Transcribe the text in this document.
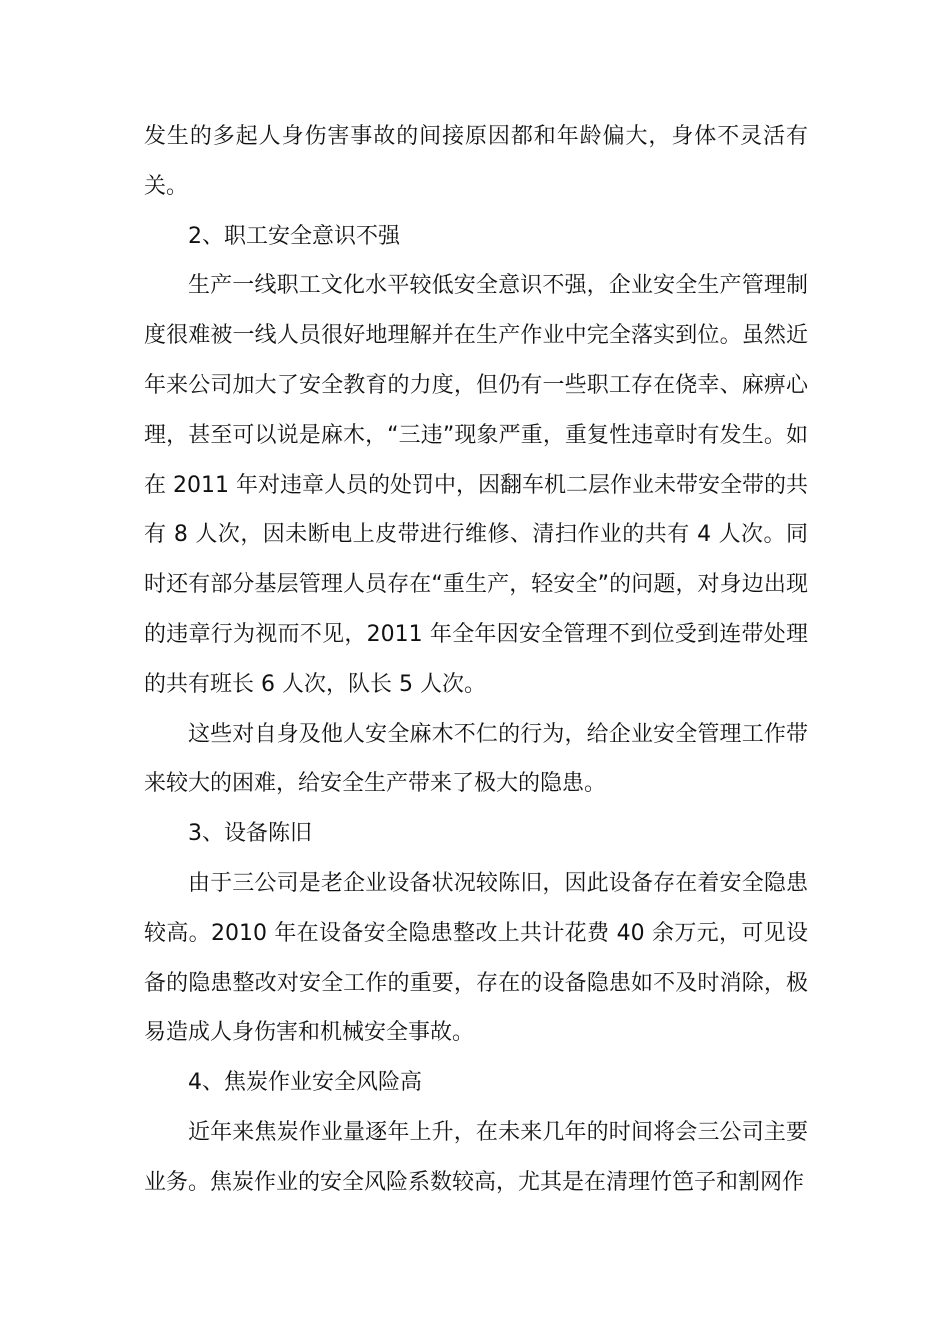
发生的多起人身伤害事故的间接原因都和年龄偏大，身体不灵活有关。

2、职工安全意识不强

生产一线职工文化水平较低安全意识不强，企业安全生产管理制度很难被一线人员很好地理解并在生产作业中完全落实到位。虽然近年来公司加大了安全教育的力度，但仍有一些职工存在侥幸、麻痹心理，甚至可以说是麻木，“三违”现象严重，重复性违章时有发生。如在 2011 年对违章人员的处罚中，因翻车机二层作业未带安全带的共有 8 人次，因未断电上皮带进行维修、清扫作业的共有 4 人次。同时还有部分基层管理人员存在“重生产，轻安全”的问题，对身边出现的违章行为视而不见，2011 年全年因安全管理不到位受到连带处理的共有班长 6 人次，队长 5 人次。

这些对自身及他人安全麻木不仁的行为，给企业安全管理工作带来较大的困难，给安全生产带来了极大的隐患。

3、设备陈旧

由于三公司是老企业设备状况较陈旧，因此设备存在着安全隐患较高。2010 年在设备安全隐患整改上共计花费 40 余万元，可见设备的隐患整改对安全工作的重要，存在的设备隐患如不及时消除，极易造成人身伤害和机械安全事故。

4、焦炭作业安全风险高

近年来焦炭作业量逐年上升，在未来几年的时间将会三公司主要业务。焦炭作业的安全风险系数较高，尤其是在清理竹笆子和割网作
